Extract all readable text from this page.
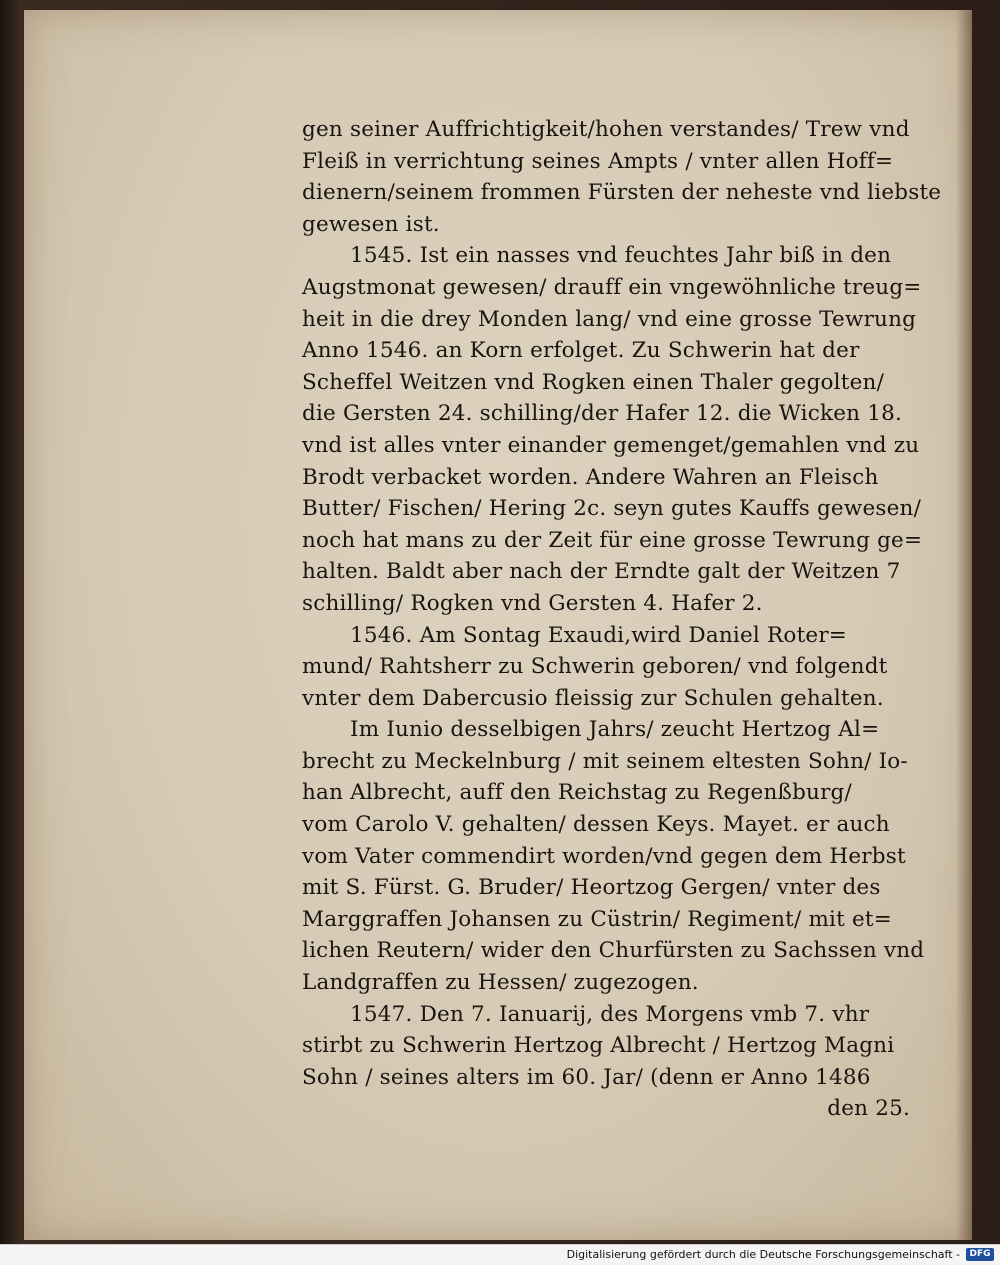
gen seiner Auffrichtigkeit/hohen verstandes/ Trew vnd
Fleiß in verrichtung seines Ampts / vnter allen Hoff=
dienern/seinem frommen Fürsten der neheste vnd liebste
gewesen ist.
1545. Ist ein nasses vnd feuchtes Jahr biß in den
Augstmonat gewesen/ drauff ein vngewöhnliche treug=
heit in die drey Monden lang/ vnd eine grosse Tewrung
Anno 1546. an Korn erfolget. Zu Schwerin hat der
Scheffel Weitzen vnd Rogken einen Thaler gegolten/
die Gersten 24. schilling/der Hafer 12. die Wicken 18.
vnd ist alles vnter einander gemenget/gemahlen vnd zu
Brodt verbacket worden. Andere Wahren an Fleisch
Butter/ Fischen/ Hering 2c. seyn gutes Kauffs gewesen/
noch hat mans zu der Zeit für eine grosse Tewrung ge=
halten. Baldt aber nach der Erndte galt der Weitzen 7
schilling/ Rogken vnd Gersten 4. Hafer 2.
1546. Am Sontag Exaudi,wird Daniel Roter=
mund/ Rahtsherr zu Schwerin geboren/ vnd folgendt
vnter dem Dabercusio fleissig zur Schulen gehalten.
Im Iunio desselbigen Jahrs/ zeucht Hertzog Al=
brecht zu Meckelnburg / mit seinem eltesten Sohn/ Io-
han Albrecht, auff den Reichstag zu Regenßburg/
vom Carolo V. gehalten/ dessen Keys. Mayet. er auch
vom Vater commendirt worden/vnd gegen dem Herbst
mit S. Fürst. G. Bruder/ Heortzog Gergen/ vnter des
Marggraffen Johansen zu Cüstrin/ Regiment/ mit et=
lichen Reutern/ wider den Churfürsten zu Sachssen vnd
Landgraffen zu Hessen/ zugezogen.
1547. Den 7. Ianuarij, des Morgens vmb 7. vhr
stirbt zu Schwerin Hertzog Albrecht / Hertzog Magni
Sohn / seines alters im 60. Jar/ (denn er Anno 1486
den 25.
Digitalisierung gefördert durch die Deutsche Forschungsgemeinschaft -	DFG
